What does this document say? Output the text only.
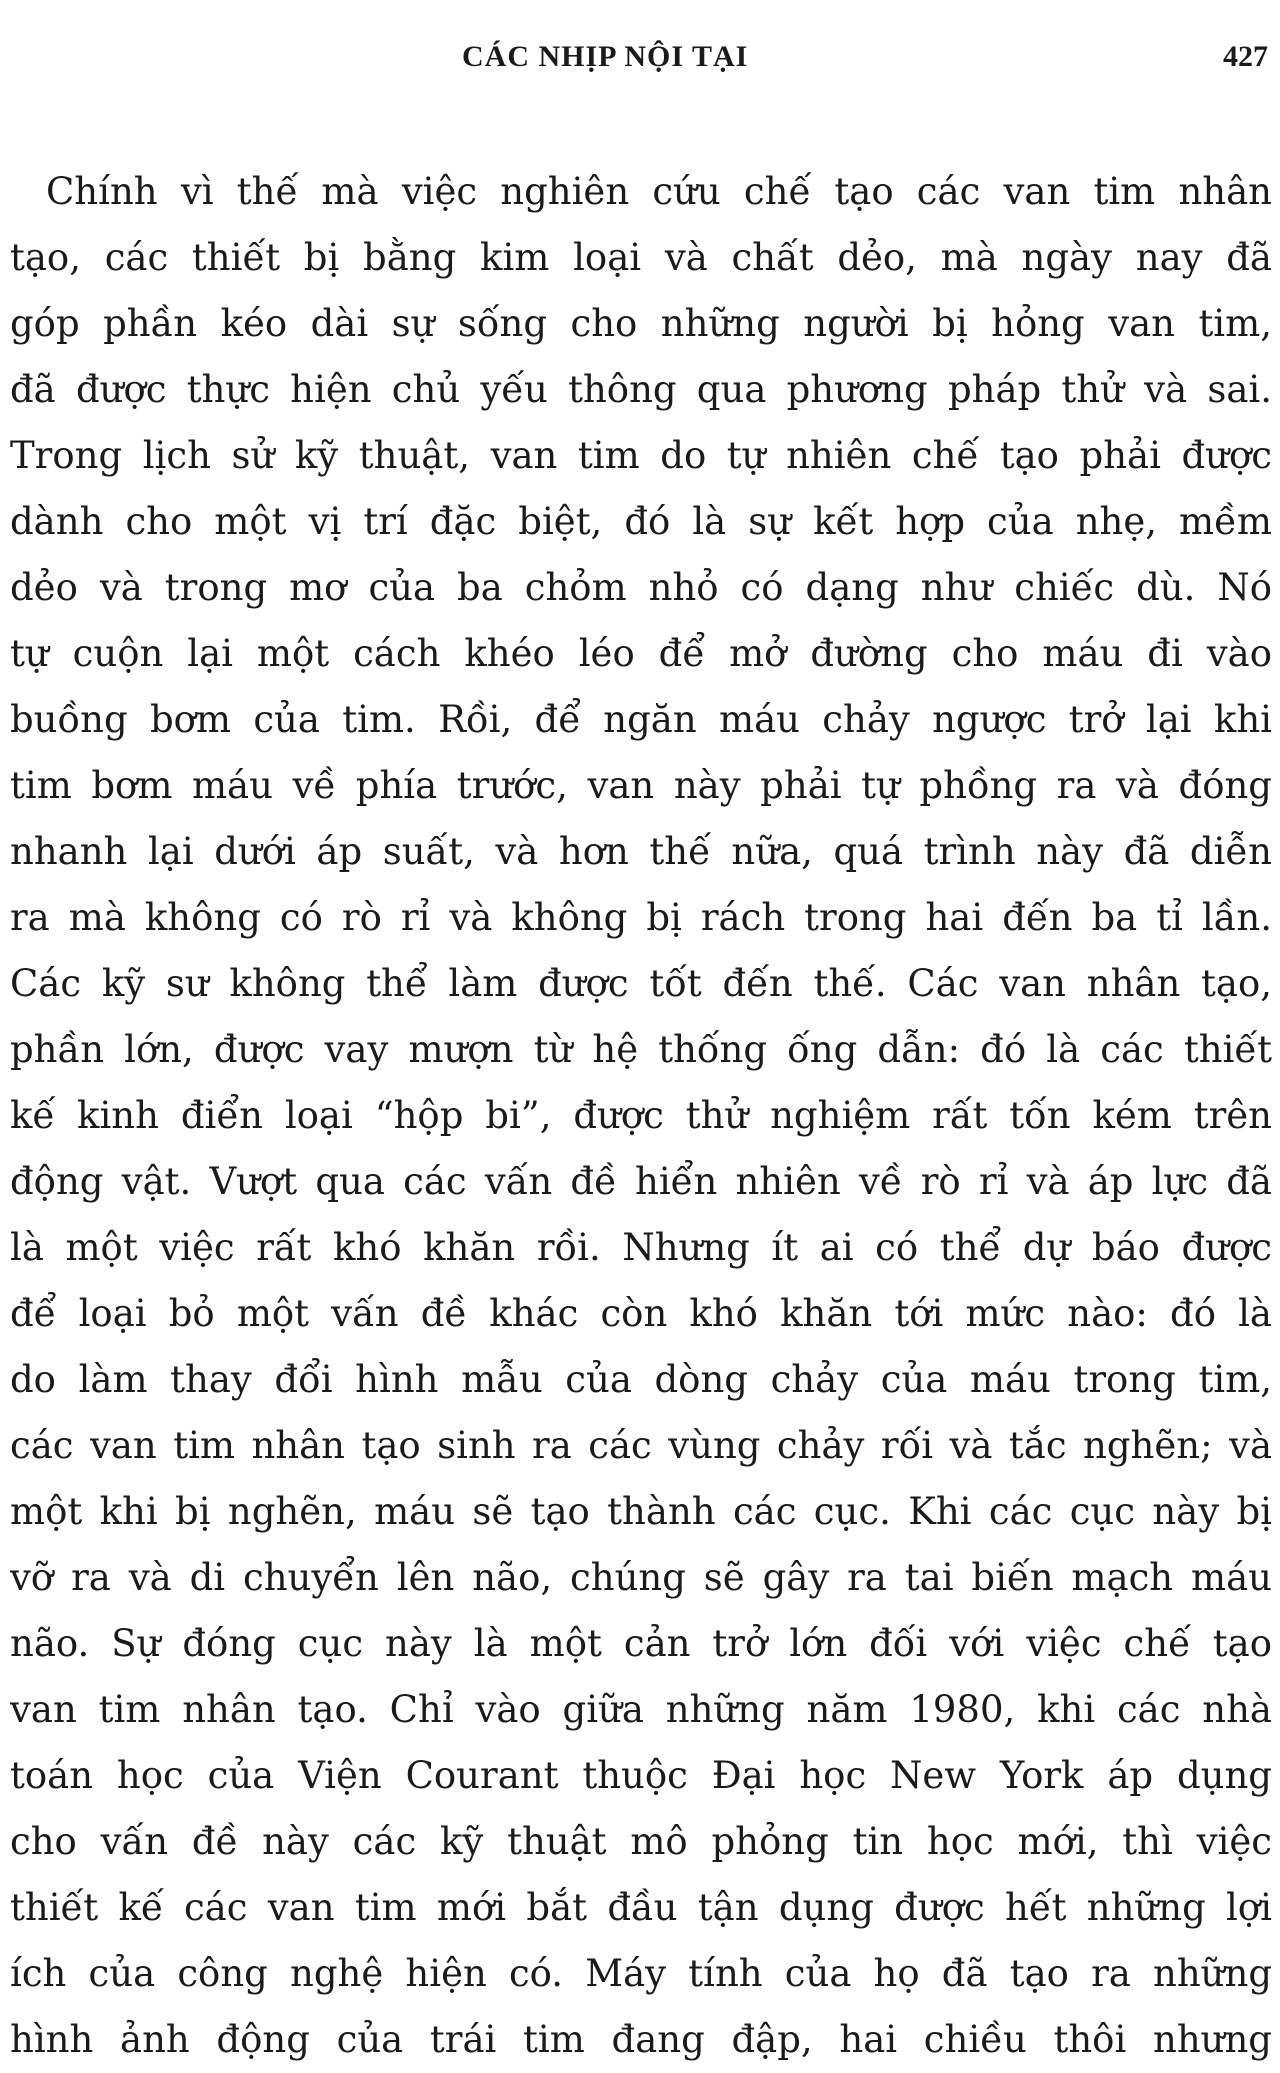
CÁC NHỊP NỘI TẠI	427
Chính vì thế mà việc nghiên cứu chế tạo các van tim nhân
tạo, các thiết bị bằng kim loại và chất dẻo, mà ngày nay đã
góp phần kéo dài sự sống cho những người bị hỏng van tim,
đã được thực hiện chủ yếu thông qua phương pháp thử và sai.
Trong lịch sử kỹ thuật, van tim do tự nhiên chế tạo phải được
dành cho một vị trí đặc biệt, đó là sự kết hợp của nhẹ, mềm
dẻo và trong mơ của ba chỏm nhỏ có dạng như chiếc dù. Nó
tự cuộn lại một cách khéo léo để mở đường cho máu đi vào
buồng bơm của tim. Rồi, để ngăn máu chảy ngược trở lại khi
tim bơm máu về phía trước, van này phải tự phồng ra và đóng
nhanh lại dưới áp suất, và hơn thế nữa, quá trình này đã diễn
ra mà không có rò rỉ và không bị rách trong hai đến ba tỉ lần.
Các kỹ sư không thể làm được tốt đến thế. Các van nhân tạo,
phần lớn, được vay mượn từ hệ thống ống dẫn: đó là các thiết
kế kinh điển loại “hộp bi”, được thử nghiệm rất tốn kém trên
động vật. Vượt qua các vấn đề hiển nhiên về rò rỉ và áp lực đã
là một việc rất khó khăn rồi. Nhưng ít ai có thể dự báo được
để loại bỏ một vấn đề khác còn khó khăn tới mức nào: đó là
do làm thay đổi hình mẫu của dòng chảy của máu trong tim,
các van tim nhân tạo sinh ra các vùng chảy rối và tắc nghẽn; và
một khi bị nghẽn, máu sẽ tạo thành các cục. Khi các cục này bị
vỡ ra và di chuyển lên não, chúng sẽ gây ra tai biến mạch máu
não. Sự đóng cục này là một cản trở lớn đối với việc chế tạo
van tim nhân tạo. Chỉ vào giữa những năm 1980, khi các nhà
toán học của Viện Courant thuộc Đại học New York áp dụng
cho vấn đề này các kỹ thuật mô phỏng tin học mới, thì việc
thiết kế các van tim mới bắt đầu tận dụng được hết những lợi
ích của công nghệ hiện có. Máy tính của họ đã tạo ra những
hình ảnh động của trái tim đang đập, hai chiều thôi nhưng
